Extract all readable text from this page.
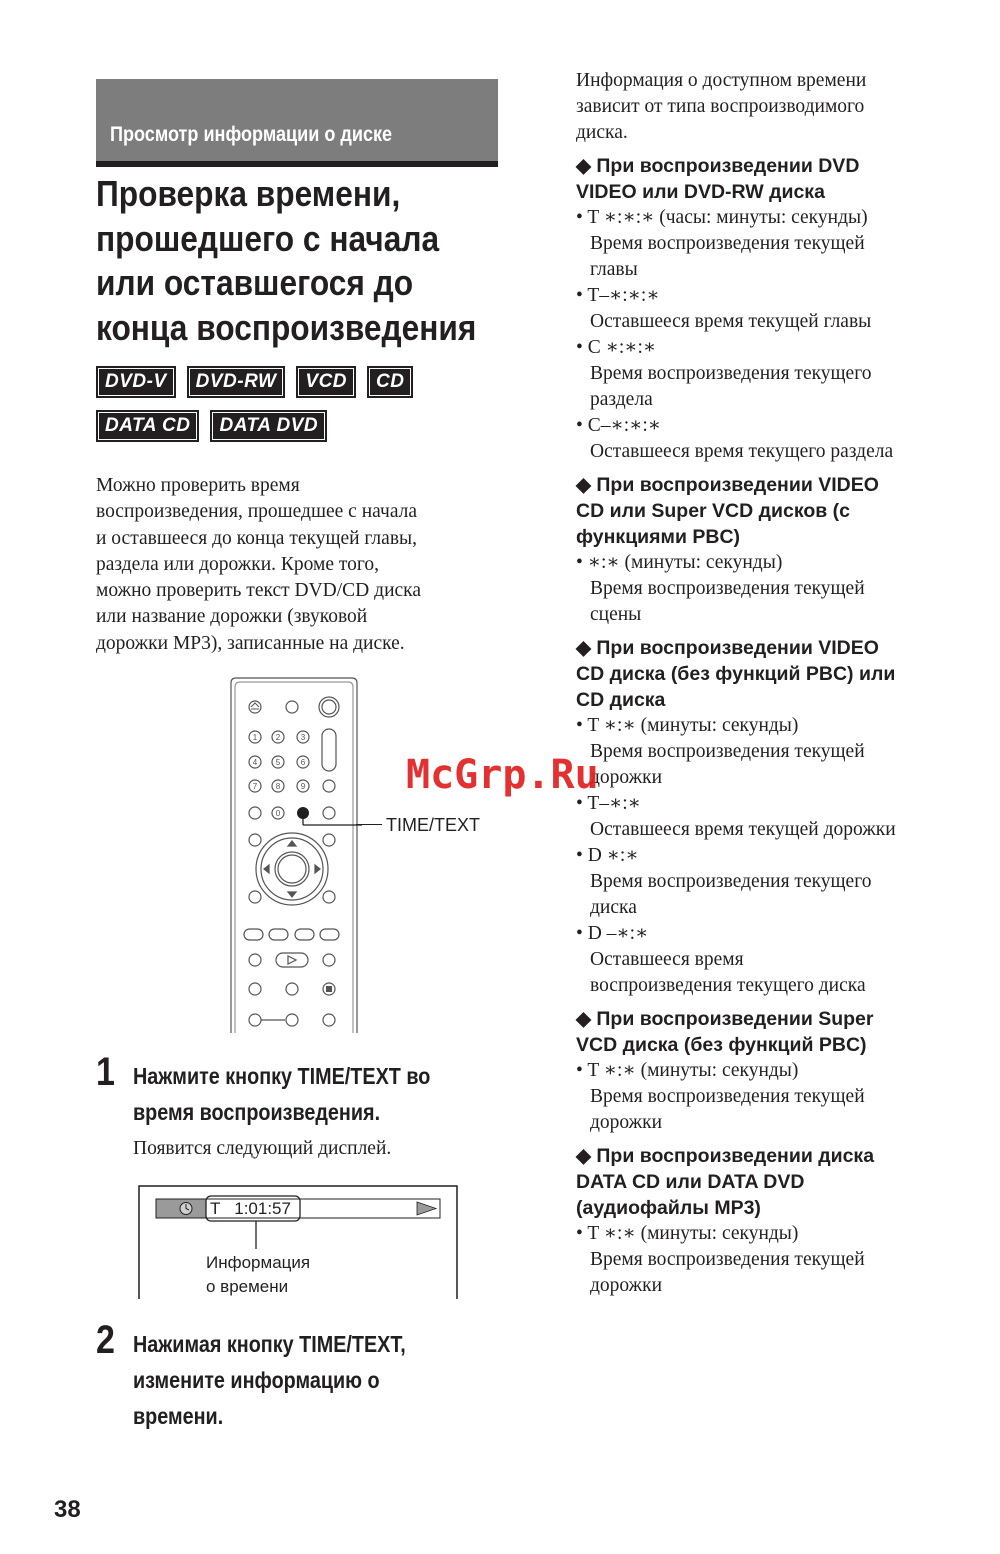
Просмотр информации о диске
Проверка времени,
прошедшего с начала
или оставшегося до
конца воспроизведения
DVD-V	DVD-RW	VCD	CD
DATA CD	DATA DVD
Можно проверить время
воспроизведения, прошедшее с начала
и оставшееся до конца текущей главы,
раздела или дорожки. Кроме того,
можно проверить текст DVD/CD диска
или название дорожки (звуковой
дорожки MP3), записанные на диске.
1 2	3
4 5	6
7 8	9
0
TIME/TEXT
1 Нажмите кнопку TIME/TEXT во
время воспроизведения.
Появится следующий дисплей.
T   1:01:57
Информация
о времени
2 Нажимая кнопку TIME/TEXT,
измените информацию о
времени.
Информация о доступном времени
зависит от типа воспроизводимого
диска.
◆ При воспроизведении DVD
VIDEO или DVD-RW диска
• T ∗:∗:∗ (часы: минуты: секунды)
Время воспроизведения текущей
главы
• T–∗:∗:∗
Оставшееся время текущей главы
• C ∗:∗:∗
Время воспроизведения текущего
раздела
• C–∗:∗:∗
Оставшееся время текущего раздела
◆ При воспроизведении VIDEO
CD или Super VCD дисков (с
функциями PBC)
• ∗:∗ (минуты: секунды)
Время воспроизведения текущей
сцены
◆ При воспроизведении VIDEO
CD диска (без функций PBC) или
CD диска
• T ∗:∗ (минуты: секунды)
Время воспроизведения текущей
дорожки
• T–∗:∗
Оставшееся время текущей дорожки
• D ∗:∗
Время воспроизведения текущего
диска
• D –∗:∗
Оставшееся время
воспроизведения текущего диска
◆ При воспроизведении Super
VCD диска (без функций PBC)
• T ∗:∗ (минуты: секунды)
Время воспроизведения текущей
дорожки
◆ При воспроизведении диска
DATA CD или DATA DVD
(аудиофайлы MP3)
• T ∗:∗ (минуты: секунды)
Время воспроизведения текущей
дорожки
McGrp.Ru
38
